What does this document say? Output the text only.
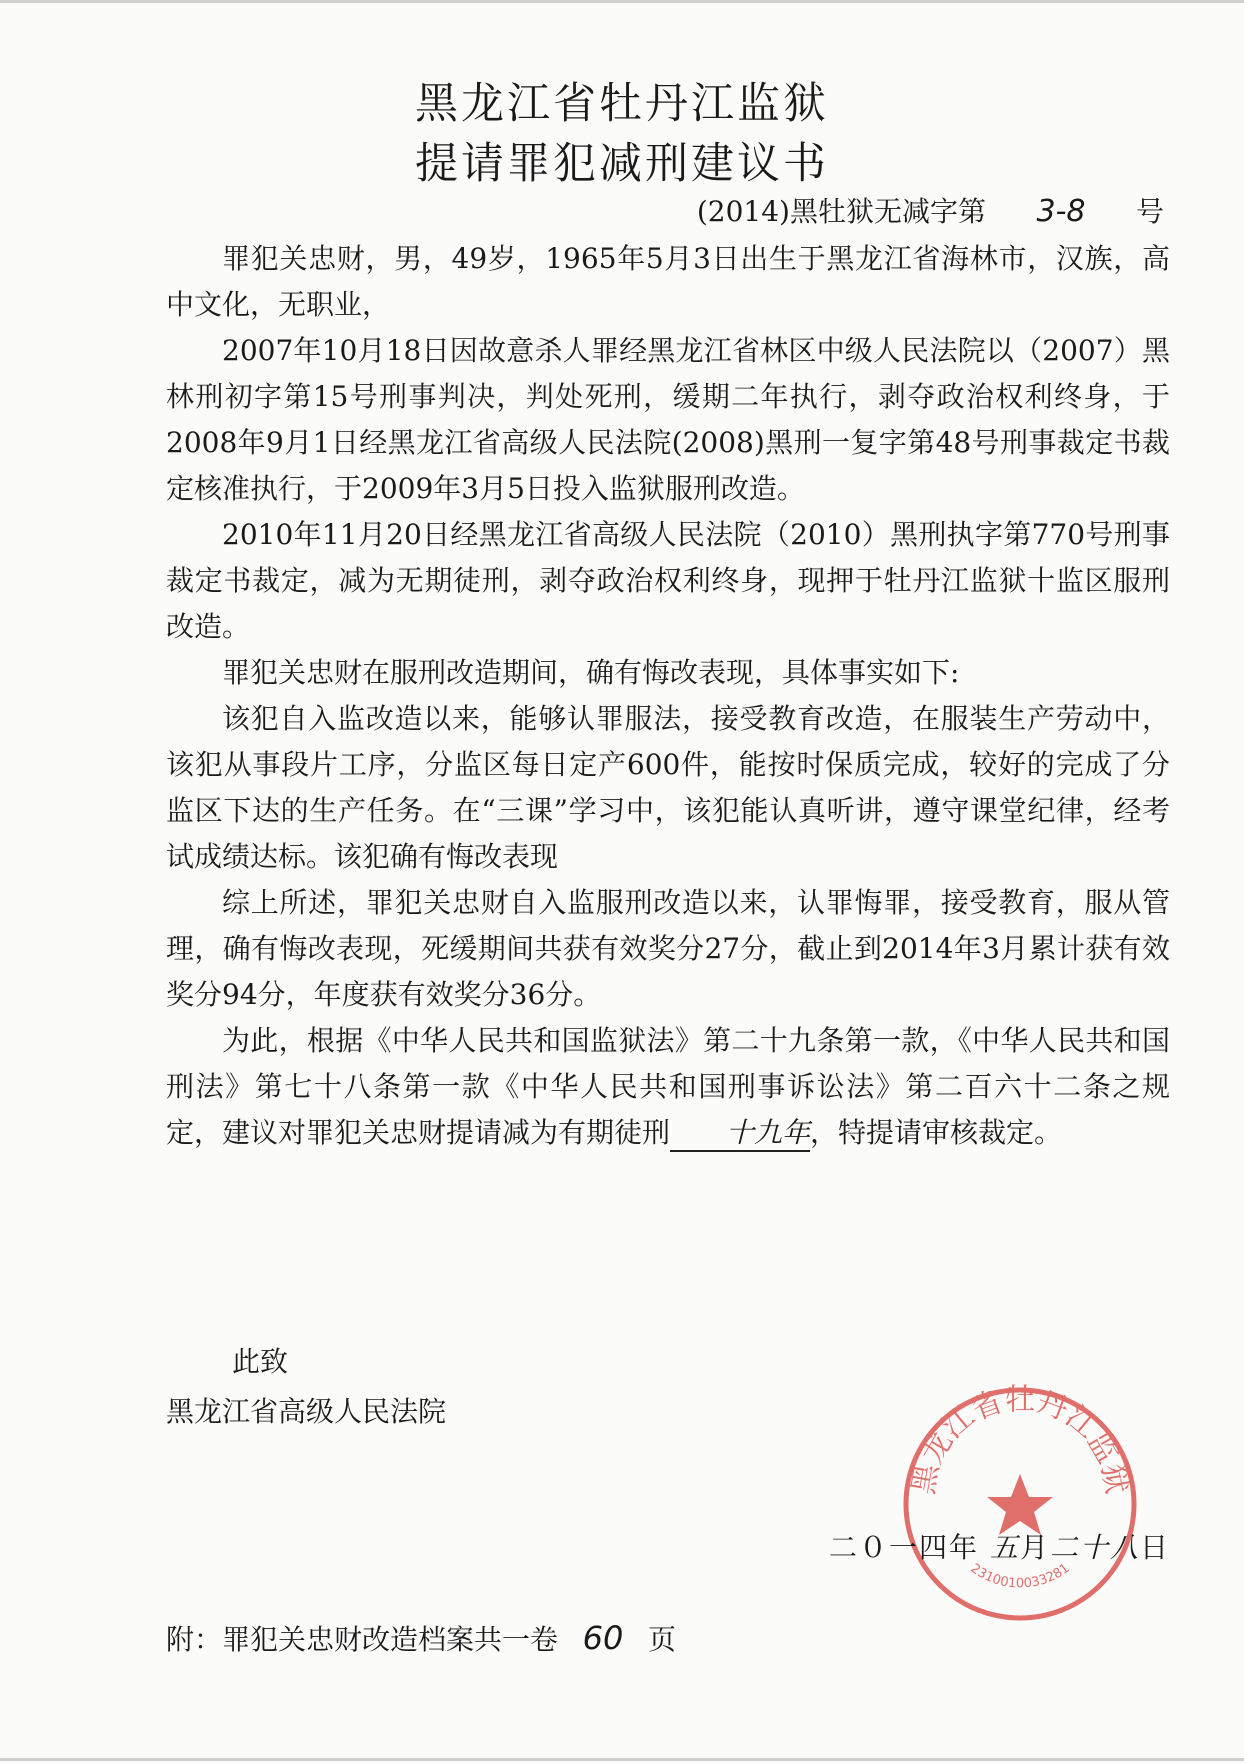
黑龙江省牡丹江监狱
提请罪犯减刑建议书
(2014)黑牡狱无减字第 3-8 号

罪犯关忠财，男，49岁，1965年5月3日出生于黑龙江省海林市，汉族，高中文化，无职业，

2007年10月18日因故意杀人罪经黑龙江省林区中级人民法院以（2007）黑林刑初字第15号刑事判决，判处死刑，缓期二年执行，剥夺政治权利终身，于2008年9月1日经黑龙江省高级人民法院(2008)黑刑一复字第48号刑事裁定书裁定核准执行，于2009年3月5日投入监狱服刑改造。

2010年11月20日经黑龙江省高级人民法院（2010）黑刑执字第770号刑事裁定书裁定，减为无期徒刑，剥夺政治权利终身，现押于牡丹江监狱十监区服刑改造。

罪犯关忠财在服刑改造期间，确有悔改表现，具体事实如下:

该犯自入监改造以来，能够认罪服法，接受教育改造，在服装生产劳动中，该犯从事段片工序，分监区每日定产600件，能按时保质完成，较好的完成了分监区下达的生产任务。在“三课”学习中，该犯能认真听讲，遵守课堂纪律，经考试成绩达标。该犯确有悔改表现

综上所述，罪犯关忠财自入监服刑改造以来，认罪悔罪，接受教育，服从管理，确有悔改表现，死缓期间共获有效奖分27分，截止到2014年3月累计获有效奖分94分，年度获有效奖分36分。

为此，根据《中华人民共和国监狱法》第二十九条第一款，《中华人民共和国刑法》第七十八条第一款《中华人民共和国刑事诉讼法》第二百六十二条之规定，建议对罪犯关忠财提请减为有期徒刑 十九年，特提请审核裁定。

此致
黑龙江省高级人民法院
黑龙江省牡丹江监狱
2310010033281
二０一四年 五月二十八日
附：罪犯关忠财改造档案共一卷 60 页
